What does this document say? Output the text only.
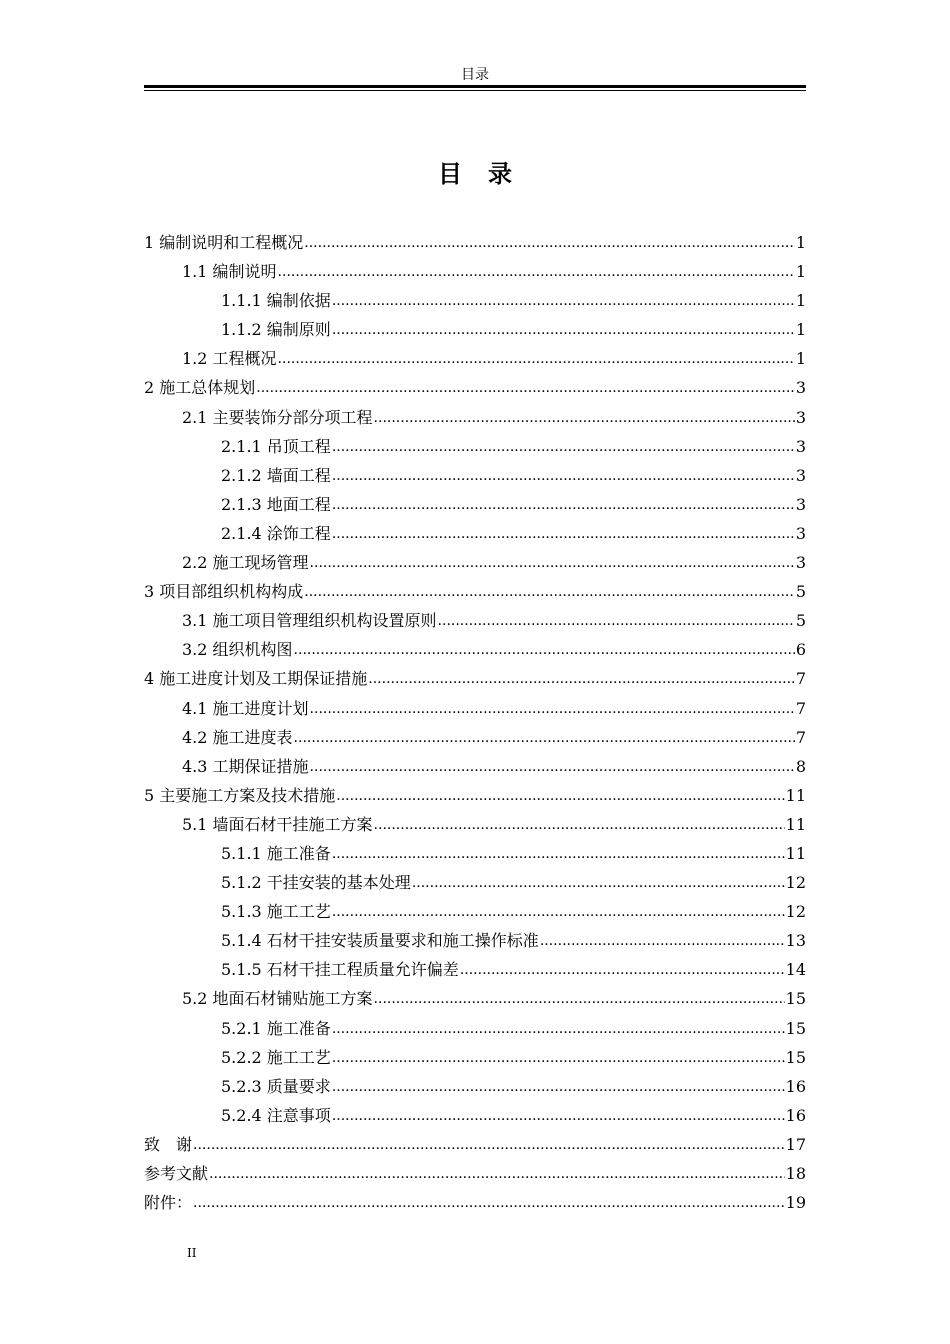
目录
目 录
1 编制说明和工程概况 .....	1
1.1 编制说明 .....	1
1.1.1 编制依据 .....	1
1.1.2 编制原则 .....	1
1.2 工程概况 .....	1
2 施工总体规划 .....	3
2.1 主要装饰分部分项工程 .....	3
2.1.1 吊顶工程 .....	3
2.1.2 墙面工程 .....	3
2.1.3 地面工程 .....	3
2.1.4 涂饰工程 .....	3
2.2 施工现场管理 .....	3
3 项目部组织机构构成 .....	5
3.1 施工项目管理组织机构设置原则 .....	5
3.2 组织机构图 .....	6
4 施工进度计划及工期保证措施 .....	7
4.1 施工进度计划 .....	7
4.2 施工进度表 .....	7
4.3 工期保证措施 .....	8
5 主要施工方案及技术措施 .....	11
5.1 墙面石材干挂施工方案 .....	11
5.1.1 施工准备 .....	11
5.1.2 干挂安装的基本处理 .....	12
5.1.3 施工工艺 .....	12
5.1.4 石材干挂安装质量要求和施工操作标准 .....	13
5.1.5 石材干挂工程质量允许偏差 .....	14
5.2 地面石材铺贴施工方案 .....	15
5.2.1 施工准备 .....	15
5.2.2 施工工艺 .....	15
5.2.3 质量要求 .....	16
5.2.4 注意事项 .....	16
致　谢 .....	17
参考文献 .....	18
附件： .....	19
II
